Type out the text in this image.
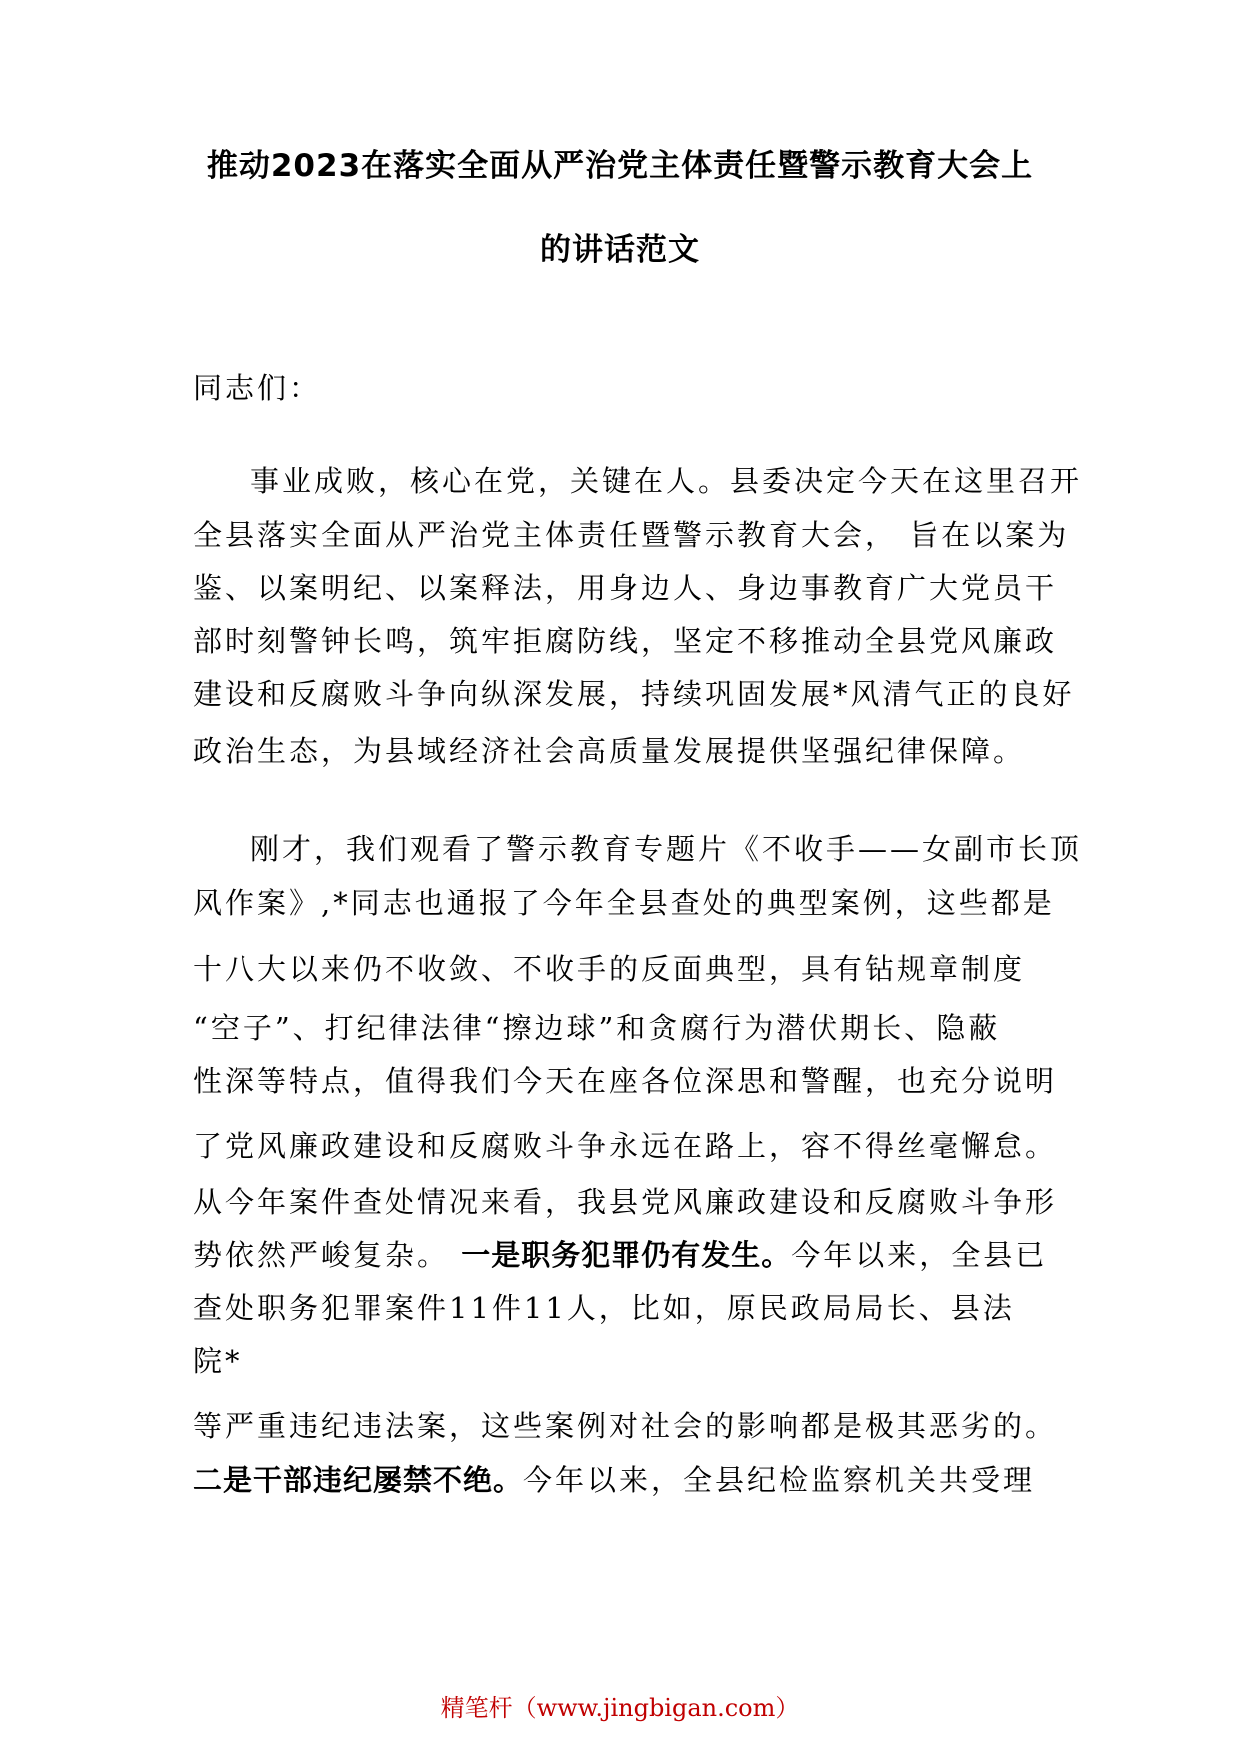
推动2023在落实全面从严治党主体责任暨警示教育大会上
的讲话范文
同志们：
事业成败，核心在党，关键在人。县委决定今天在这里召开
全县落实全面从严治党主体责任暨警示教育大会， 旨在以案为
鉴、以案明纪、以案释法，用身边人、身边事教育广大党员干
部时刻警钟长鸣，筑牢拒腐防线，坚定不移推动全县党风廉政
建设和反腐败斗争向纵深发展，持续巩固发展*风清气正的良好
政治生态，为县域经济社会高质量发展提供坚强纪律保障。
刚才，我们观看了警示教育专题片《不收手——女副市长顶
风作案》,*同志也通报了今年全县查处的典型案例，这些都是
十八大以来仍不收敛、不收手的反面典型，具有钻规章制度
“空子”、打纪律法律“擦边球”和贪腐行为潜伏期长、隐蔽
性深等特点，值得我们今天在座各位深思和警醒，也充分说明
了党风廉政建设和反腐败斗争永远在路上，容不得丝毫懈怠。
从今年案件查处情况来看，我县党风廉政建设和反腐败斗争形
势依然严峻复杂。 一是职务犯罪仍有发生。今年以来，全县已
查处职务犯罪案件11件11人，比如，原民政局局长、县法
院*
等严重违纪违法案，这些案例对社会的影响都是极其恶劣的。
二是干部违纪屡禁不绝。今年以来，全县纪检监察机关共受理
精笔杆（www.jingbigan.com）
